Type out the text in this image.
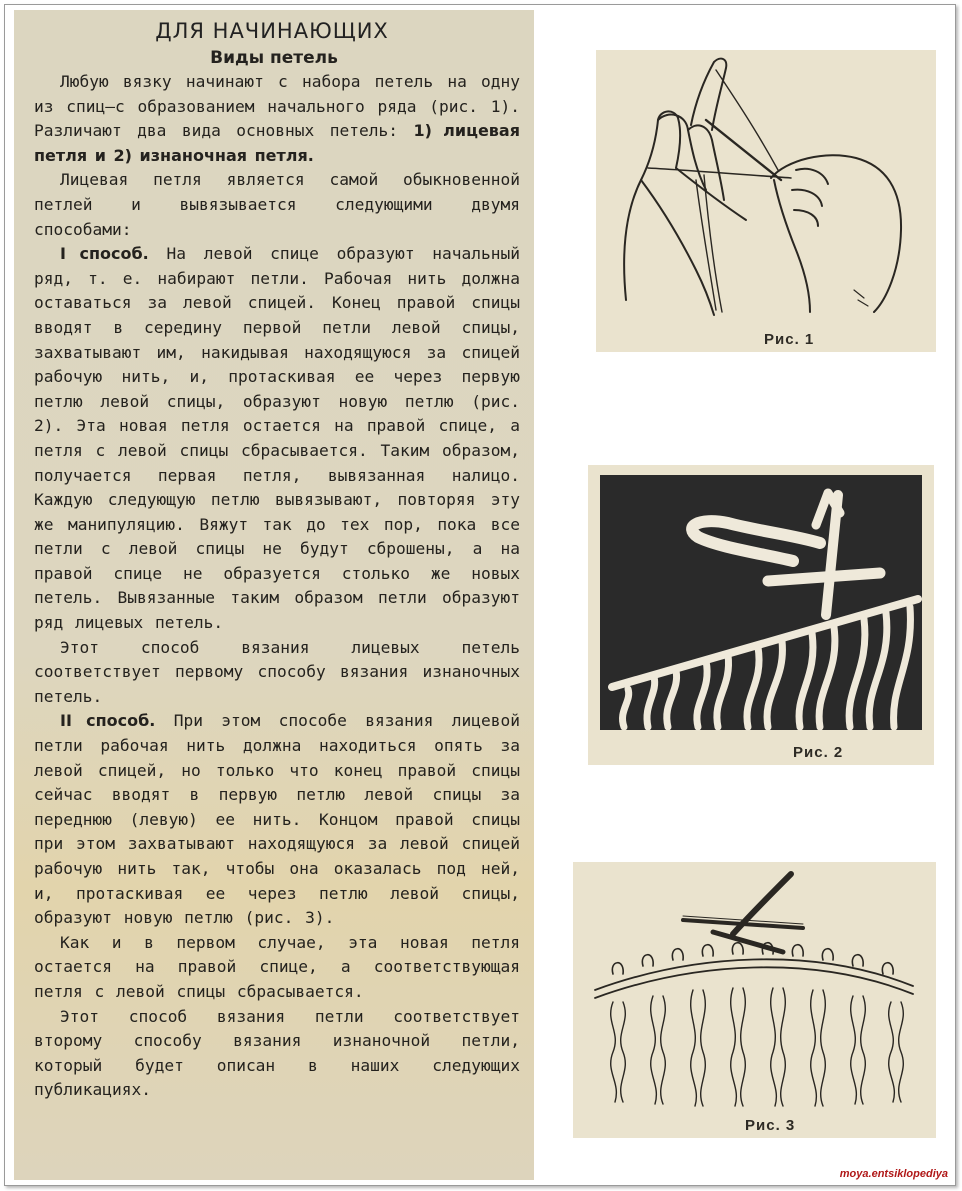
ДЛЯ НАЧИНАЮЩИХ

Виды петель

Любую вязку начинают с набора петель на одну из спиц—с образованием начального ряда (рис. 1). Различают два вида основных петель: 1) лицевая петля и 2) изнаночная петля.

Лицевая петля является самой обыкновенной петлей и вывязывается следующими двумя способами:

I способ. На левой спице образуют начальный ряд, т. е. набирают петли. Рабочая нить должна оставаться за левой спицей. Конец правой спицы вводят в середину первой петли левой спицы, захватывают им, накидывая находящуюся за спицей рабочую нить, и, протаскивая ее через первую петлю левой спицы, образуют новую петлю (рис. 2). Эта новая петля остается на правой спице, а петля с левой спицы сбрасывается. Таким образом, получается первая петля, вывязанная налицо. Каждую следующую петлю вывязывают, повторяя эту же манипуляцию. Вяжут так до тех пор, пока все петли с левой спицы не будут сброшены, а на правой спице не образуется столько же новых петель. Вывязанные таким образом петли образуют ряд лицевых петель.

Этот способ вязания лицевых петель соответствует первому способу вязания изнаночных петель.

II способ. При этом способе вязания лицевой петли рабочая нить должна находиться опять за левой спицей, но только что конец правой спицы сейчас вводят в первую петлю левой спицы за переднюю (левую) ее нить. Концом правой спицы при этом захватывают находящуюся за левой спицей рабочую нить так, чтобы она оказалась под ней, и, протаскивая ее через петлю левой спицы, образуют новую петлю (рис. 3).

Как и в первом случае, эта новая петля остается на правой спице, а соответствующая петля с левой спицы сбрасывается.

Этот способ вязания петли соответствует второму способу вязания изнаночной петли, который будет описан в наших следующих публикациях.

Рис. 1
Рис. 2
Рис. 3
moya.entsiklopediya
